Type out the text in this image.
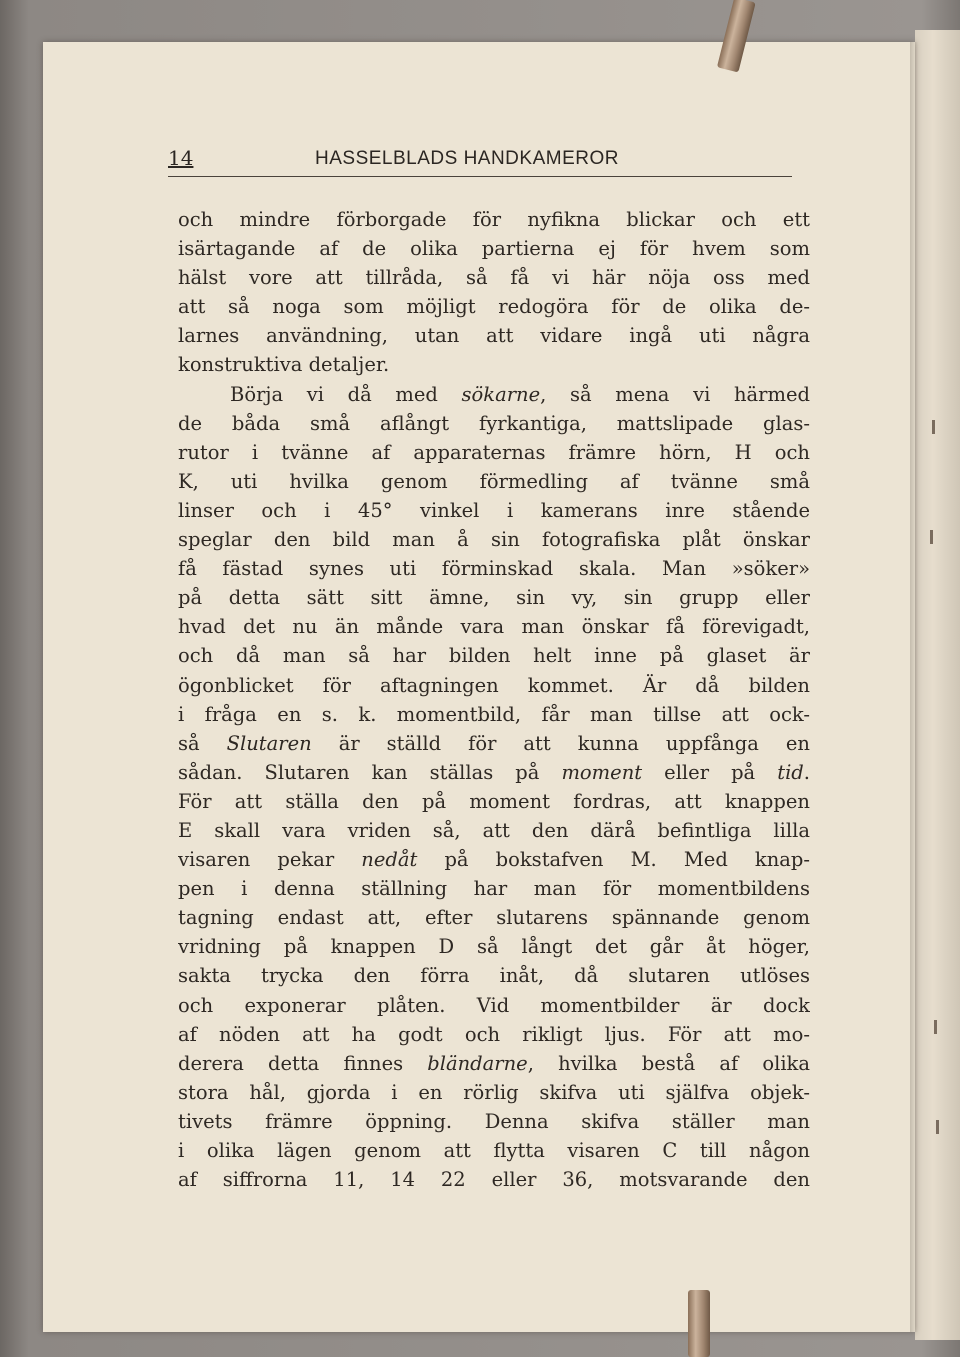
14	HASSELBLADS HANDKAMEROR
och mindre förborgade för nyfikna blickar och ett
isärtagande af de olika partierna ej för hvem som
hälst vore att tillråda, så få vi här nöja oss med
att så noga som möjligt redogöra för de olika de-
larnes användning, utan att vidare ingå uti några
konstruktiva detaljer.
Börja vi då med sökarne, så mena vi härmed
de båda små aflångt fyrkantiga, mattslipade glas-
rutor i tvänne af apparaternas främre hörn, H och
K, uti hvilka genom förmedling af tvänne små
linser och i 45° vinkel i kamerans inre stående
speglar den bild man å sin fotografiska plåt önskar
få fästad synes uti förminskad skala. Man »söker»
på detta sätt sitt ämne, sin vy, sin grupp eller
hvad det nu än månde vara man önskar få förevigadt,
och då man så har bilden helt inne på glaset är
ögonblicket för aftagningen kommet. Är då bilden
i fråga en s. k. momentbild, får man tillse att ock-
så Slutaren är ställd för att kunna uppfånga en
sådan. Slutaren kan ställas på moment eller på tid.
För att ställa den på moment fordras, att knappen
E skall vara vriden så, att den därå befintliga lilla
visaren pekar nedåt på bokstafven M. Med knap-
pen i denna ställning har man för momentbildens
tagning endast att, efter slutarens spännande genom
vridning på knappen D så långt det går åt höger,
sakta trycka den förra inåt, då slutaren utlöses
och exponerar plåten. Vid momentbilder är dock
af nöden att ha godt och rikligt ljus. För att mo-
derera detta finnes bländarne, hvilka bestå af olika
stora hål, gjorda i en rörlig skifva uti själfva objek-
tivets främre öppning. Denna skifva ställer man
i olika lägen genom att flytta visaren C till någon
af siffrorna 11, 14 22 eller 36, motsvarande den
